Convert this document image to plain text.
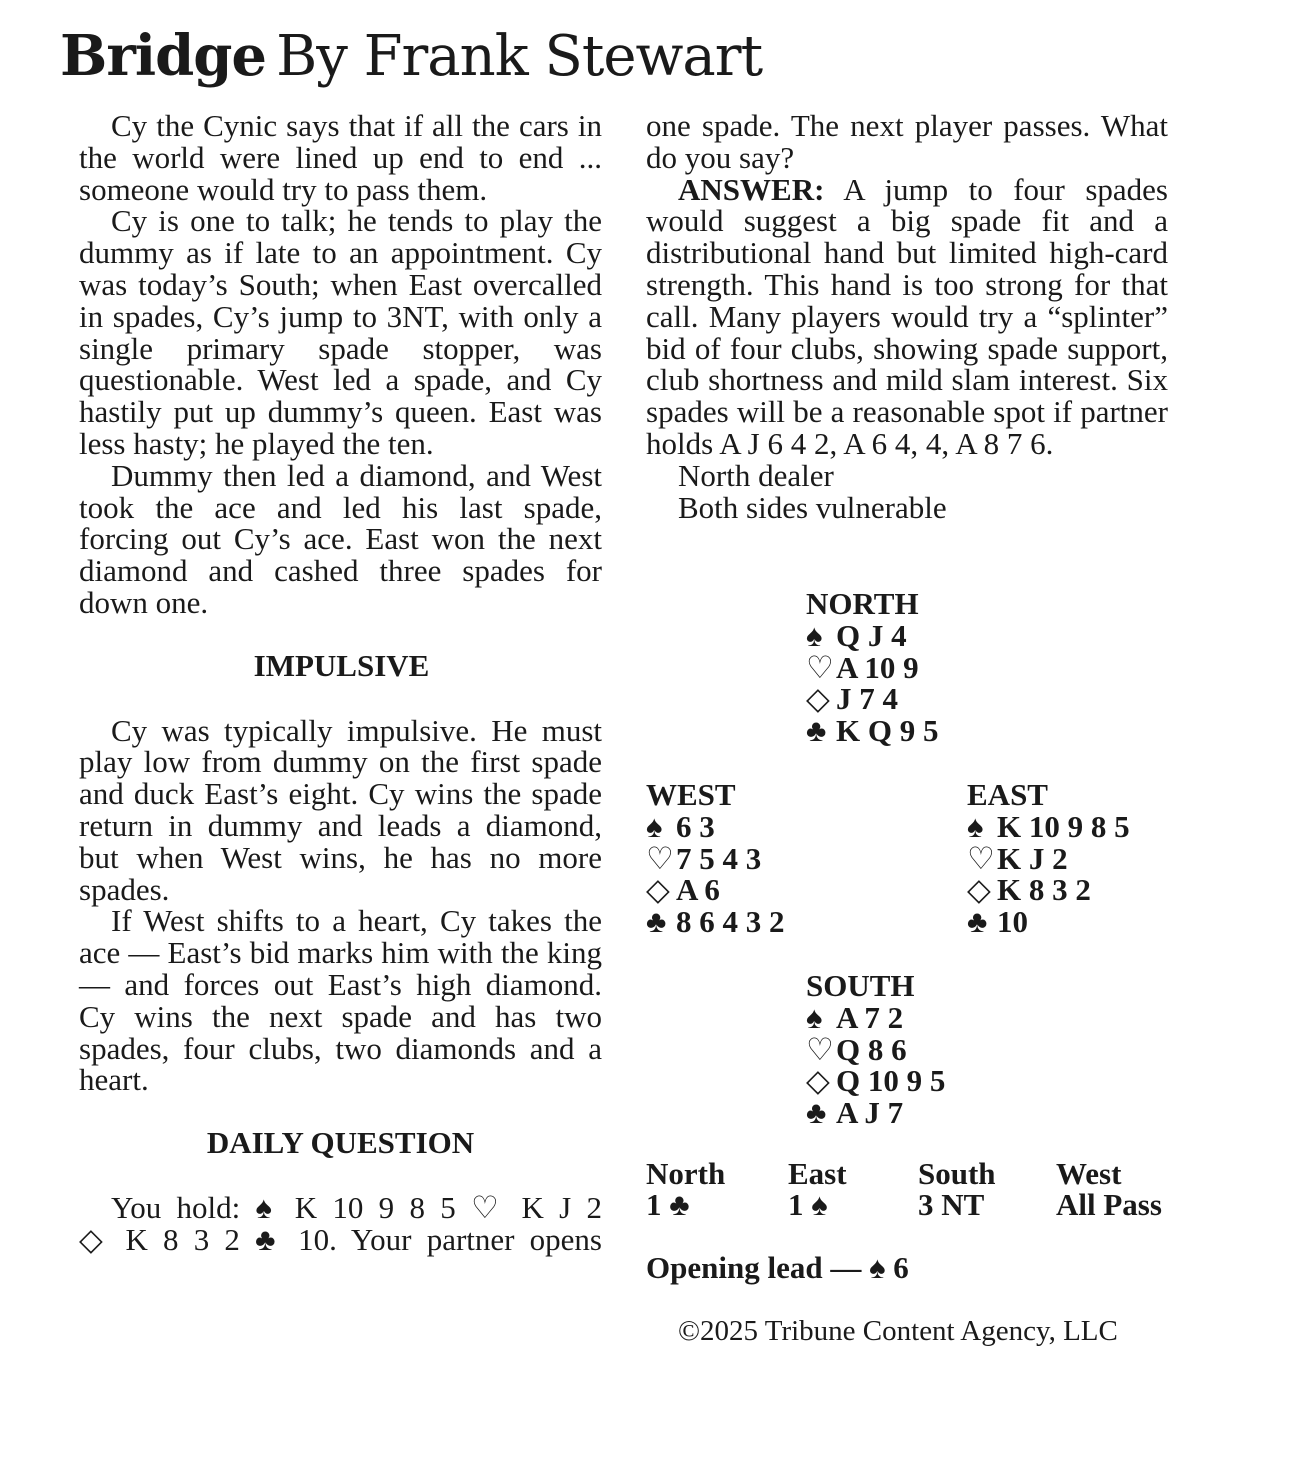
Bridge By Frank Stewart

Cy the Cynic says that if all the cars in the world were lined up end to end ... someone would try to pass them.

Cy is one to talk; he tends to play the dummy as if late to an appointment. Cy was today’s South; when East overcalled in spades, Cy’s jump to 3NT, with only a single primary spade stopper, was questionable. West led a spade, and Cy hastily put up dummy’s queen. East was less hasty; he played the ten.

Dummy then led a diamond, and West took the ace and led his last spade, forcing out Cy’s ace. East won the next diamond and cashed three spades for down one.

IMPULSIVE

Cy was typically impulsive. He must play low from dummy on the first spade and duck East’s eight. Cy wins the spade return in dummy and leads a diamond, but when West wins, he has no more spades.

If West shifts to a heart, Cy takes the ace — East’s bid marks him with the king — and forces out East’s high diamond. Cy wins the next spade and has two spades, four clubs, two diamonds and a heart.

DAILY QUESTION

You hold: ♠ K 10 9 8 5 ♡ K J 2

◇ K 8 3 2 ♣ 10. Your partner opens

one spade. The next player passes. What do you say?

ANSWER: A jump to four spades would suggest a big spade fit and a distributional hand but limited high-card strength. This hand is too strong for that call. Many players would try a “splinter” bid of four clubs, showing spade support, club shortness and mild slam interest. Six spades will be a reasonable spot if partner holds A J 6 4 2, A 6 4, 4, A 8 7 6.

North dealer

Both sides vulnerable

NORTH
♠ Q J 4
♡A 10 9
◇ J 7 4
♣ K Q 9 5
WEST
♠ 6 3
♡7 5 4 3
◇ A 6
♣ 8 6 4 3 2
EAST
♠ K 10 9 8 5
♡K J 2
◇ K 8 3 2
♣ 10
SOUTH
♠ A 7 2
♡Q 8 6
◇ Q 10 9 5
♣ A J 7
North East South West
1 ♣	1 ♠	3 NT All Pass
Opening lead — ♠ 6
©2025 Tribune Content Agency, LLC
